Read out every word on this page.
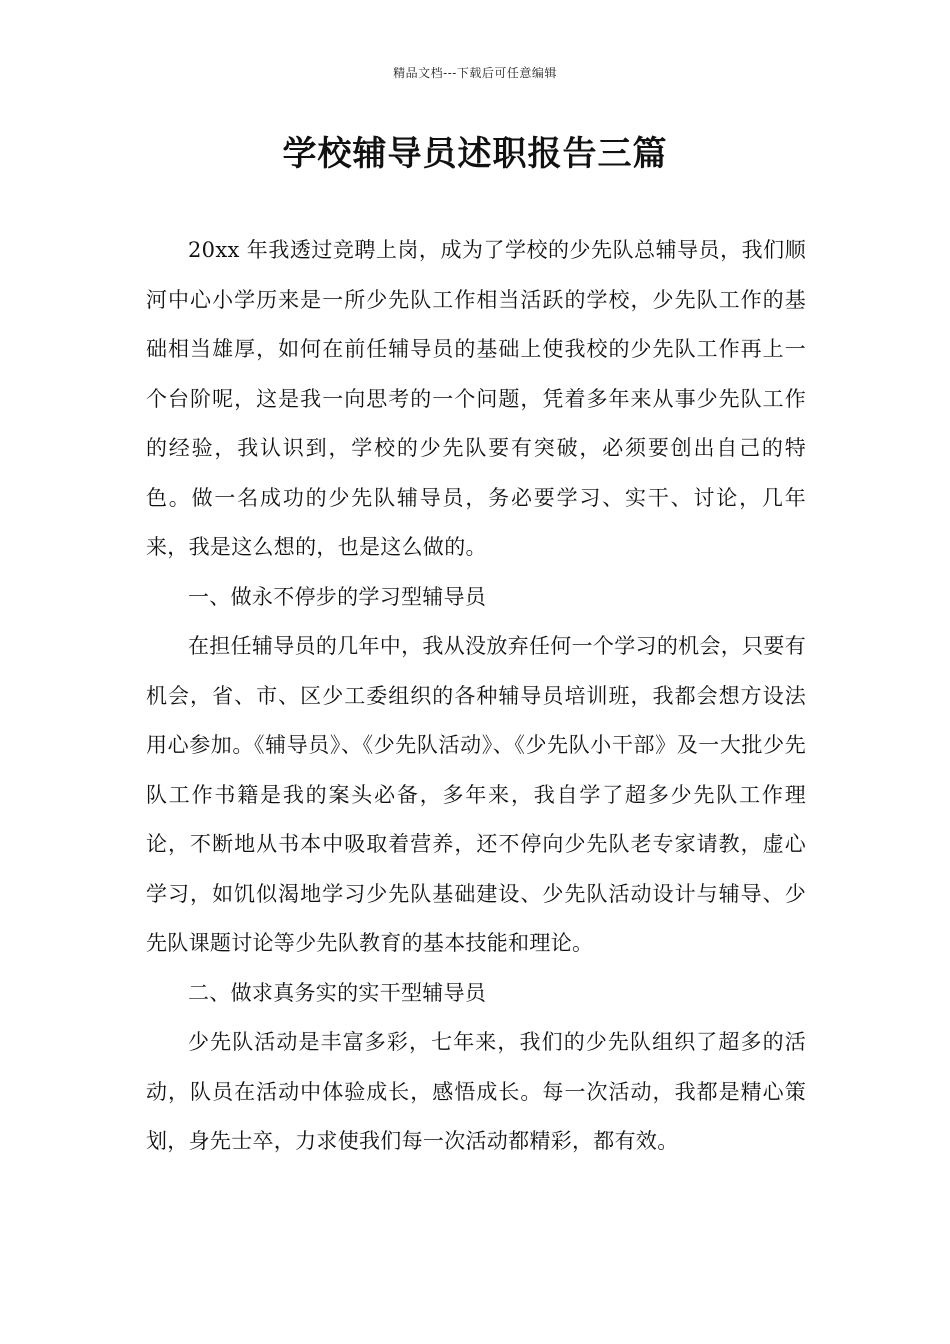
精品文档---下载后可任意编辑
学校辅导员述职报告三篇

20xx 年我透过竞聘上岗，成为了学校的少先队总辅导员，我们顺河中心小学历来是一所少先队工作相当活跃的学校，少先队工作的基础相当雄厚，如何在前任辅导员的基础上使我校的少先队工作再上一个台阶呢，这是我一向思考的一个问题，凭着多年来从事少先队工作的经验，我认识到，学校的少先队要有突破，必须要创出自己的特色。做一名成功的少先队辅导员，务必要学习、实干、讨论，几年来，我是这么想的，也是这么做的。

一、做永不停步的学习型辅导员

在担任辅导员的几年中，我从没放弃任何一个学习的机会，只要有机会，省、市、区少工委组织的各种辅导员培训班，我都会想方设法用心参加。《辅导员》、《少先队活动》、《少先队小干部》及一大批少先队工作书籍是我的案头必备，多年来，我自学了超多少先队工作理论，不断地从书本中吸取着营养，还不停向少先队老专家请教，虚心学习，如饥似渴地学习少先队基础建设、少先队活动设计与辅导、少先队课题讨论等少先队教育的基本技能和理论。

二、做求真务实的实干型辅导员

少先队活动是丰富多彩，七年来，我们的少先队组织了超多的活动，队员在活动中体验成长，感悟成长。每一次活动，我都是精心策划，身先士卒，力求使我们每一次活动都精彩，都有效。
